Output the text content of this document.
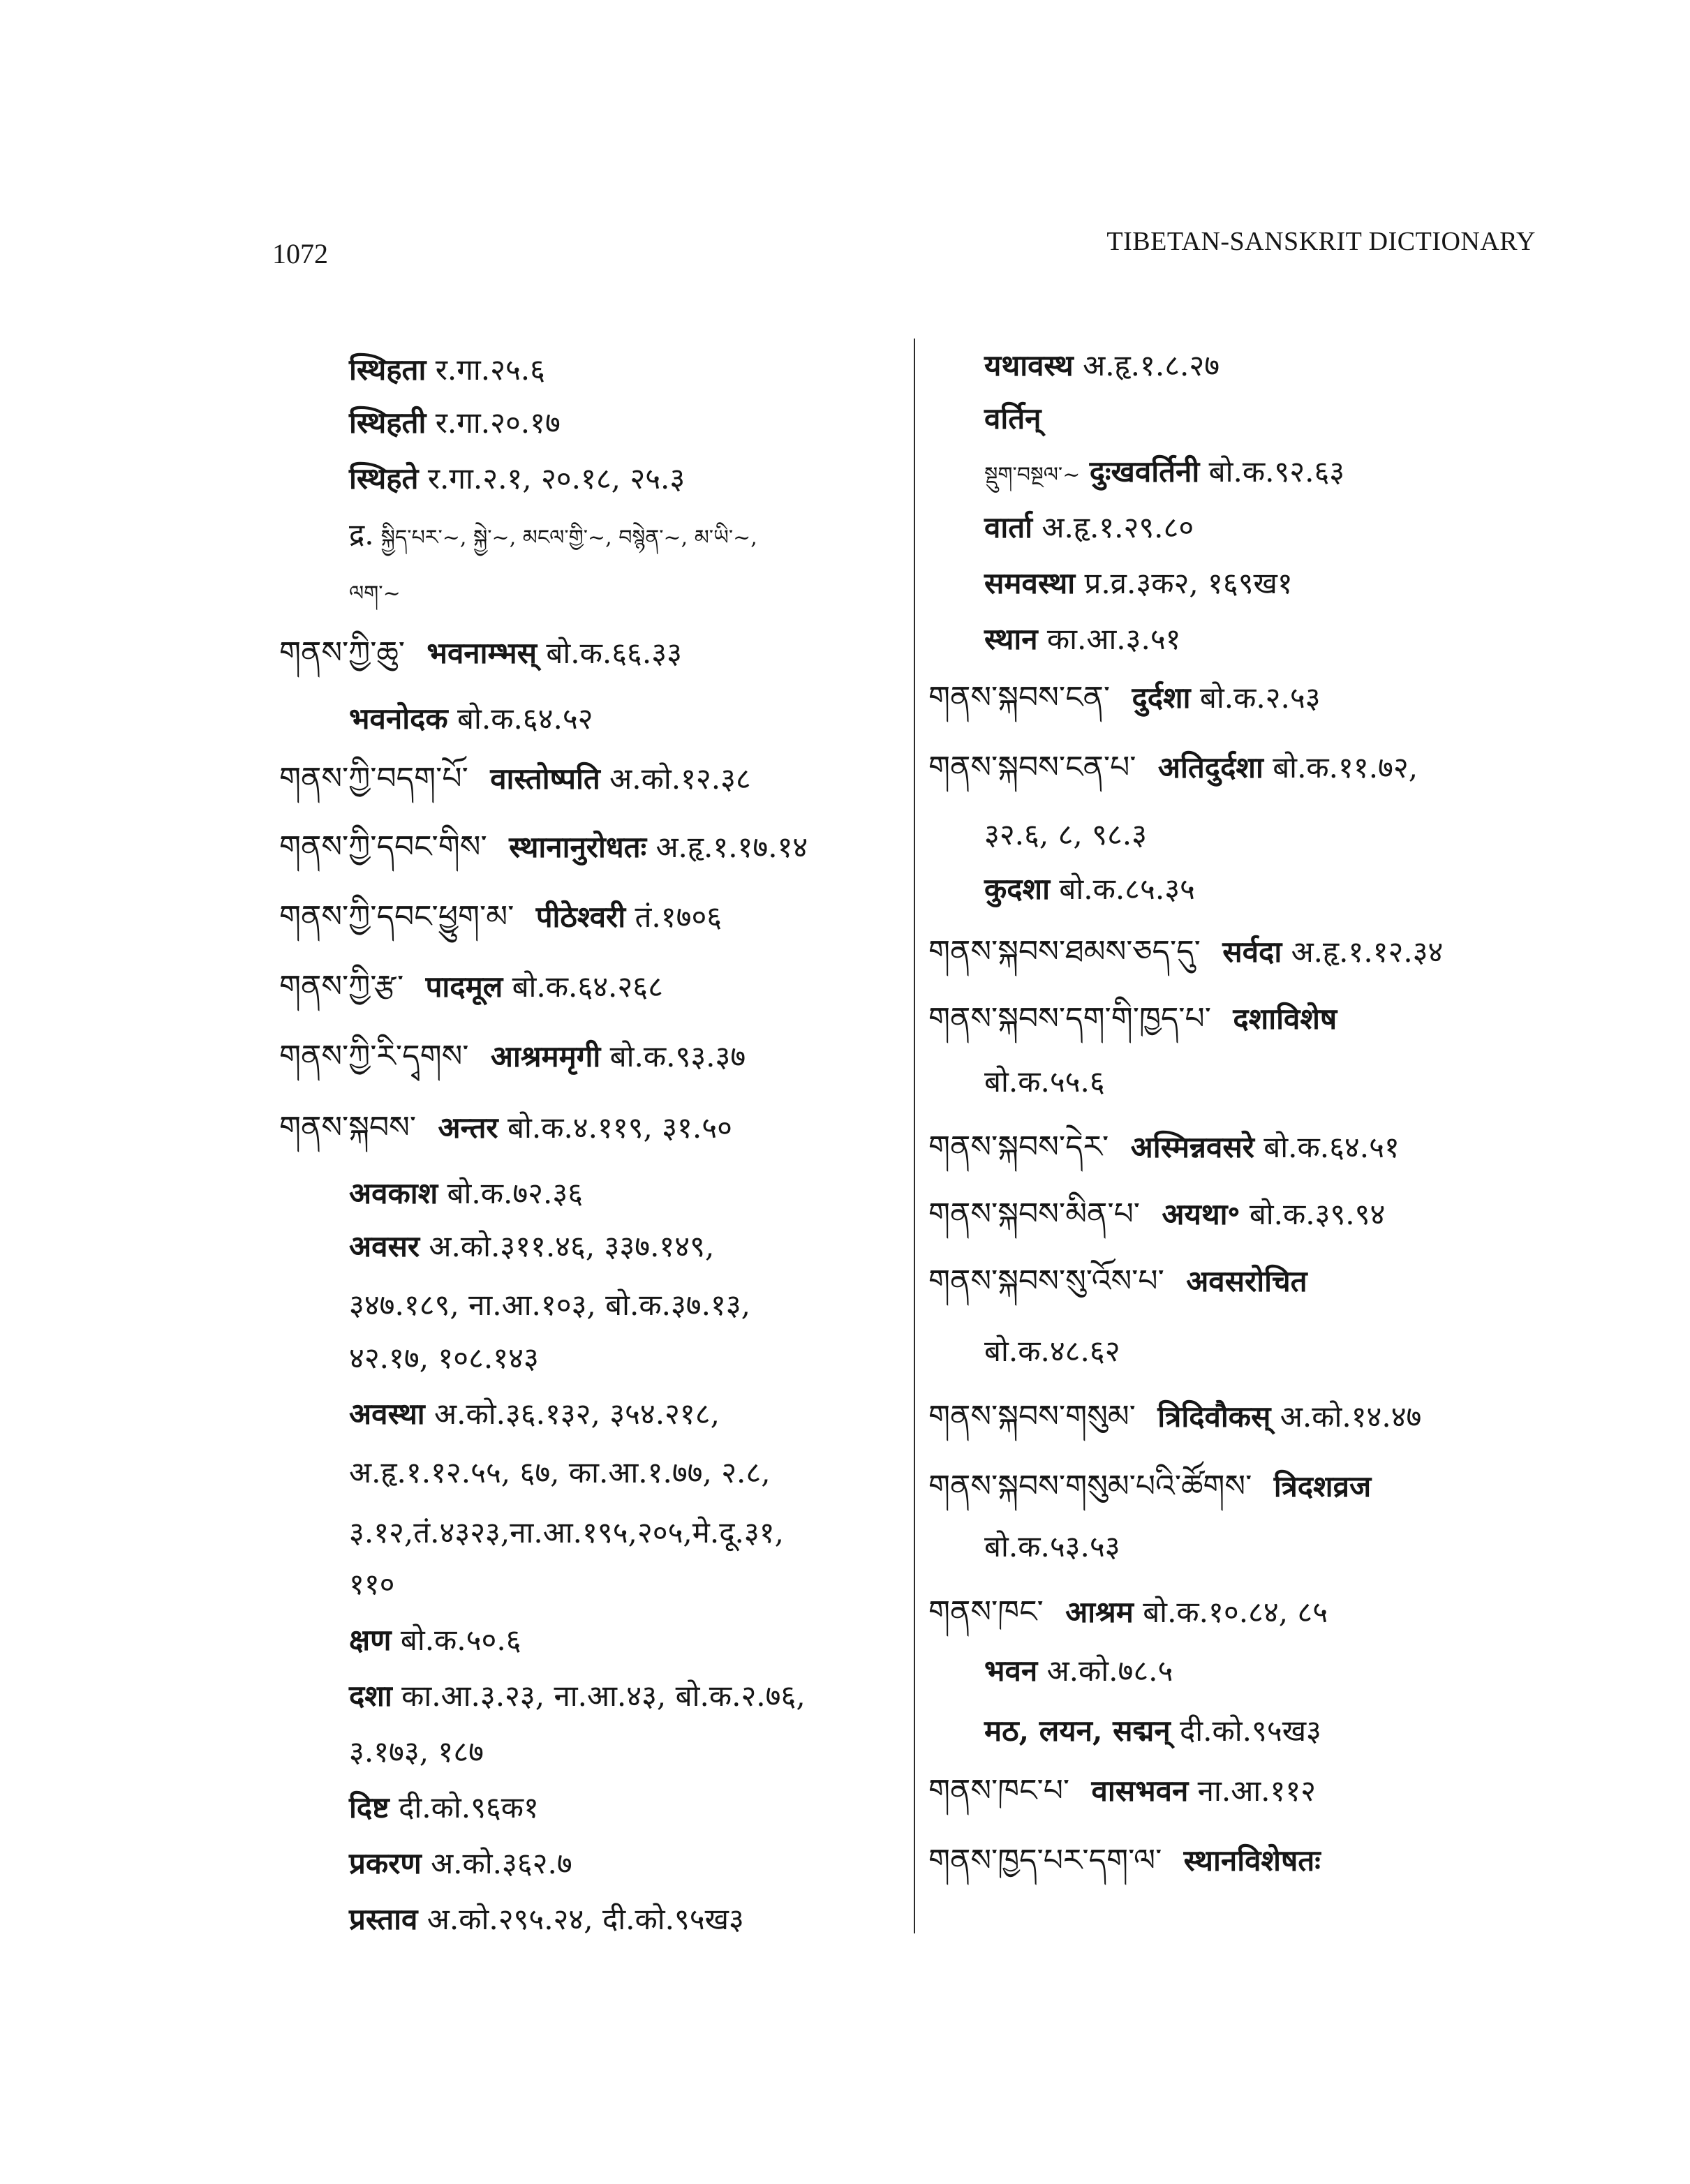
1072	TIBETAN-SANSKRIT DICTIONARY
स्थिहता र.गा.२५.६
स्थिहती र.गा.२०.१७
स्थिहते र.गा.२.१, २०.१८, २५.३
द्र. སྐྱིད་པར་~, སྐྱེ་~, མངལ་གྱི་~, བསྙེན་~, མ་ཡི་~,
ལག་~
གནས་ཀྱི་ཆུ་ भवनाम्भस् बो.क.६६.३३
भवनोदक बो.क.६४.५२
གནས་ཀྱི་བདག་པོ་ वास्तोष्पति अ.को.१२.३८
གནས་ཀྱི་དབང་གིས་ स्थानानुरोधतः अ.हृ.१.१७.१४
གནས་ཀྱི་དབང་ཕྱུག་མ་ पीठेश्वरी तं.१७०६
གནས་ཀྱི་རྩ་ पादमूल बो.क.६४.२६८
གནས་ཀྱི་རི་དྭགས་ आश्रममृगी बो.क.९३.३७
གནས་སྐབས་ अन्तर बो.क.४.११९, ३१.५०
अवकाश बो.क.७२.३६
अवसर अ.को.३११.४६, ३३७.१४९,
३४७.१८९, ना.आ.१०३, बो.क.३७.१३,
४२.१७, १०८.१४३
अवस्था अ.को.३६.१३२, ३५४.२१८,
अ.हृ.१.१२.५५, ६७, का.आ.१.७७, २.८,
३.१२,तं.४३२३,ना.आ.१९५,२०५,मे.दू.३१,
११०
क्षण बो.क.५०.६
दशा का.आ.३.२३, ना.आ.४३, बो.क.२.७६,
३.१७३, १८७
दिष्ट दी.को.९६क१
प्रकरण अ.को.३६२.७
प्रस्ताव अ.को.२९५.२४, दी.को.९५ख३
यथावस्थ अ.हृ.१.८.२७
वर्तिन्
སྡུག་བསྔལ་~ दुःखवर्तिनी बो.क.९२.६३
वार्ता अ.हृ.१.२९.८०
समवस्था प्र.व्र.३क२, १६९ख१
स्थान का.आ.३.५१
གནས་སྐབས་ངན་ दुर्दशा बो.क.२.५३
གནས་སྐབས་ངན་པ་ अतिदुर्दशा बो.क.११.७२,
३२.६, ८, ९८.३
कुदशा बो.क.८५.३५
གནས་སྐབས་ཐམས་ཅད་དུ་ सर्वदा अ.हृ.१.१२.३४
གནས་སྐབས་དག་གི་ཁྱད་པ་ दशाविशेष
बो.क.५५.६
གནས་སྐབས་དེར་ अस्मिन्नवसरे बो.क.६४.५१
གནས་སྐབས་མིན་པ་ अयथा॰ बो.क.३९.९४
གནས་སྐབས་སུ་འོས་པ་ अवसरोचित
बो.क.४८.६२
གནས་སྐབས་གསུམ་ त्रिदिवौकस् अ.को.१४.४७
གནས་སྐབས་གསུམ་པའི་ཚོགས་ त्रिदशव्रज
बो.क.५३.५३
གནས་ཁང་ आश्रम बो.क.१०.८४, ८५
भवन अ.को.७८.५
मठ, लयन, सद्मन् दी.को.९५ख३
གནས་ཁང་པ་ वासभवन ना.आ.११२
གནས་ཁྱད་པར་དག་ལ་ स्थानविशेषतः
